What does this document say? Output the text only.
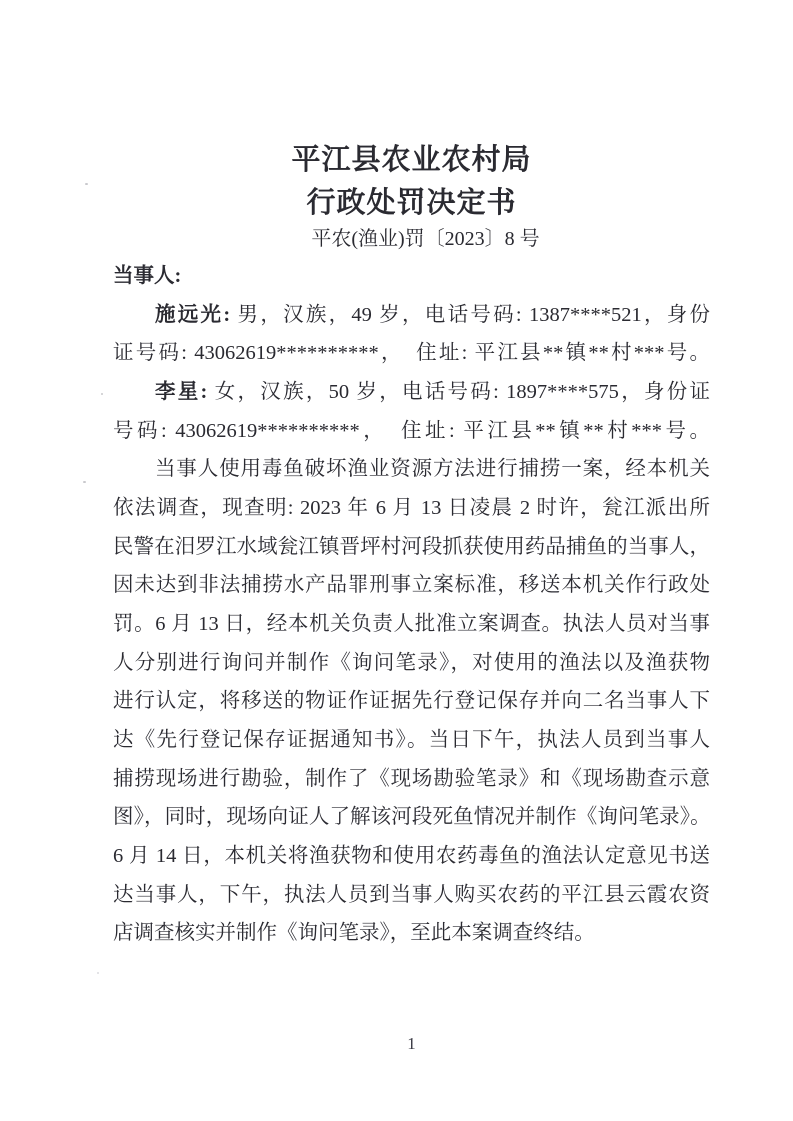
平江县农业农村局
行政处罚决定书
平农(渔业)罚〔2023〕8 号
当事人:
施远光: 男，汉族，49 岁，电话号码: 1387****521，身份
证号码: 43062619**********，　住址: 平江县**镇**村***号。
李星: 女，汉族，50 岁，电话号码: 1897****575，身份证
号码: 43062619**********，　住址: 平江县**镇**村***号。
当事人使用毒鱼破坏渔业资源方法进行捕捞一案，经本机关
依法调查，现查明: 2023 年 6 月 13 日凌晨 2 时许，瓮江派出所
民警在汨罗江水域瓮江镇晋坪村河段抓获使用药品捕鱼的当事人，
因未达到非法捕捞水产品罪刑事立案标准，移送本机关作行政处
罚。6 月 13 日，经本机关负责人批准立案调查。执法人员对当事
人分别进行询问并制作《询问笔录》，对使用的渔法以及渔获物
进行认定，将移送的物证作证据先行登记保存并向二名当事人下
达《先行登记保存证据通知书》。当日下午，执法人员到当事人
捕捞现场进行勘验，制作了《现场勘验笔录》和《现场勘查示意
图》，同时，现场向证人了解该河段死鱼情况并制作《询问笔录》。
6 月 14 日，本机关将渔获物和使用农药毒鱼的渔法认定意见书送
达当事人，下午，执法人员到当事人购买农药的平江县云霞农资
店调查核实并制作《询问笔录》，至此本案调查终结。
1
